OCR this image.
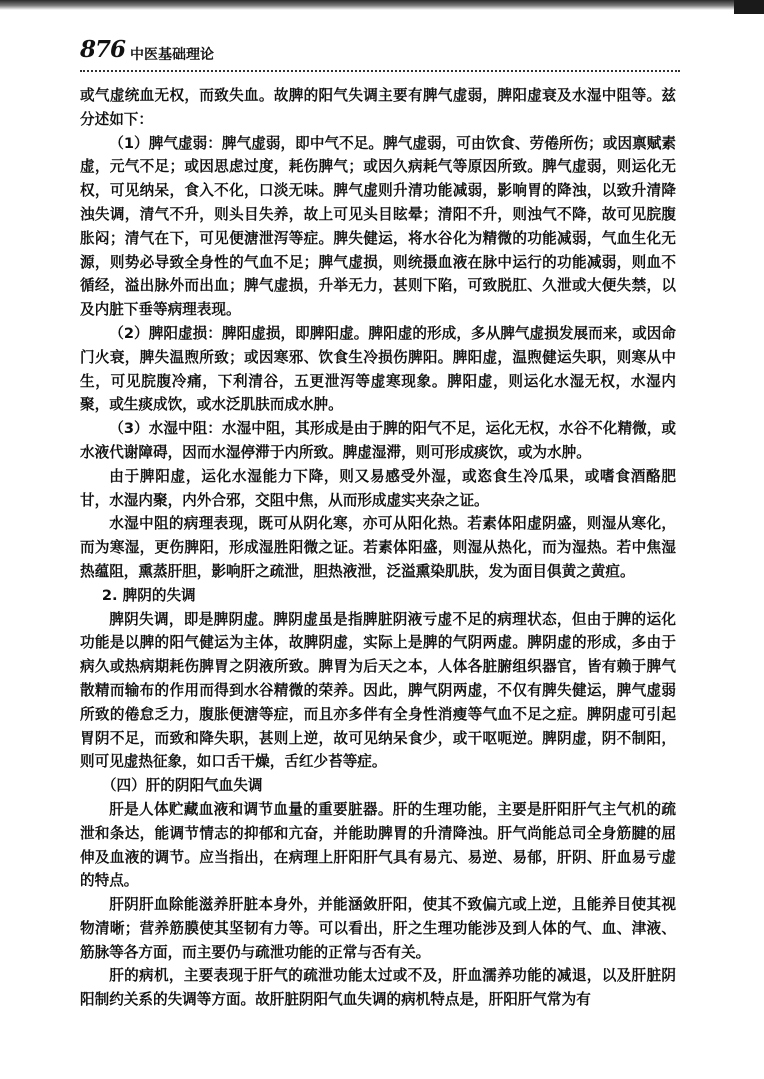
876 中医基础理论

或气虚统血无权，而致失血。故脾的阳气失调主要有脾气虚弱，脾阳虚衰及水湿中阻等。兹分述如下：

（1）脾气虚弱：脾气虚弱，即中气不足。脾气虚弱，可由饮食、劳倦所伤；或因禀赋素虚，元气不足；或因思虑过度，耗伤脾气；或因久病耗气等原因所致。脾气虚弱，则运化无权，可见纳呆，食入不化，口淡无味。脾气虚则升清功能减弱，影响胃的降浊，以致升清降浊失调，清气不升，则头目失养，故上可见头目眩晕；清阳不升，则浊气不降，故可见脘腹胀闷；清气在下，可见便溏泄泻等症。脾失健运，将水谷化为精微的功能减弱，气血生化无源，则势必导致全身性的气血不足；脾气虚损，则统摄血液在脉中运行的功能减弱，则血不循经，溢出脉外而出血；脾气虚损，升举无力，甚则下陷，可致脱肛、久泄或大便失禁，以及内脏下垂等病理表现。

（2）脾阳虚损：脾阳虚损，即脾阳虚。脾阳虚的形成，多从脾气虚损发展而来，或因命门火衰，脾失温煦所致；或因寒邪、饮食生冷损伤脾阳。脾阳虚，温煦健运失职，则寒从中生，可见脘腹冷痛，下利清谷，五更泄泻等虚寒现象。脾阳虚，则运化水湿无权，水湿内聚，或生痰成饮，或水泛肌肤而成水肿。

（3）水湿中阻：水湿中阻，其形成是由于脾的阳气不足，运化无权，水谷不化精微，或水液代谢障碍，因而水湿停滞于内所致。脾虚湿滞，则可形成痰饮，或为水肿。

由于脾阳虚，运化水湿能力下降，则又易感受外湿，或恣食生冷瓜果，或嗜食酒酪肥甘，水湿内聚，内外合邪，交阻中焦，从而形成虚实夹杂之证。

水湿中阻的病理表现，既可从阴化寒，亦可从阳化热。若素体阳虚阴盛，则湿从寒化，而为寒湿，更伤脾阳，形成湿胜阳微之证。若素体阳盛，则湿从热化，而为湿热。若中焦湿热蕴阻，熏蒸肝胆，影响肝之疏泄，胆热液泄，泛溢熏染肌肤，发为面目俱黄之黄疸。

2. 脾阴的失调

脾阴失调，即是脾阴虚。脾阴虚虽是指脾脏阴液亏虚不足的病理状态，但由于脾的运化功能是以脾的阳气健运为主体，故脾阴虚，实际上是脾的气阴两虚。脾阴虚的形成，多由于病久或热病期耗伤脾胃之阴液所致。脾胃为后天之本，人体各脏腑组织器官，皆有赖于脾气散精而输布的作用而得到水谷精微的荣养。因此，脾气阴两虚，不仅有脾失健运，脾气虚弱所致的倦怠乏力，腹胀便溏等症，而且亦多伴有全身性消瘦等气血不足之症。脾阴虚可引起胃阴不足，而致和降失职，甚则上逆，故可见纳呆食少，或干呕呃逆。脾阴虚，阴不制阳，则可见虚热征象，如口舌干燥，舌红少苔等症。

（四）肝的阴阳气血失调

肝是人体贮藏血液和调节血量的重要脏器。肝的生理功能，主要是肝阳肝气主气机的疏泄和条达，能调节情志的抑郁和亢奋，并能助脾胃的升清降浊。肝气尚能总司全身筋腱的屈伸及血液的调节。应当指出，在病理上肝阳肝气具有易亢、易逆、易郁，肝阴、肝血易亏虚的特点。

肝阴肝血除能滋养肝脏本身外，并能涵敛肝阳，使其不致偏亢或上逆，且能养目使其视物清晰；营养筋膜使其坚韧有力等。可以看出，肝之生理功能涉及到人体的气、血、津液、筋脉等各方面，而主要仍与疏泄功能的正常与否有关。

肝的病机，主要表现于肝气的疏泄功能太过或不及，肝血濡养功能的减退，以及肝脏阴阳制约关系的失调等方面。故肝脏阴阳气血失调的病机特点是，肝阳肝气常为有
